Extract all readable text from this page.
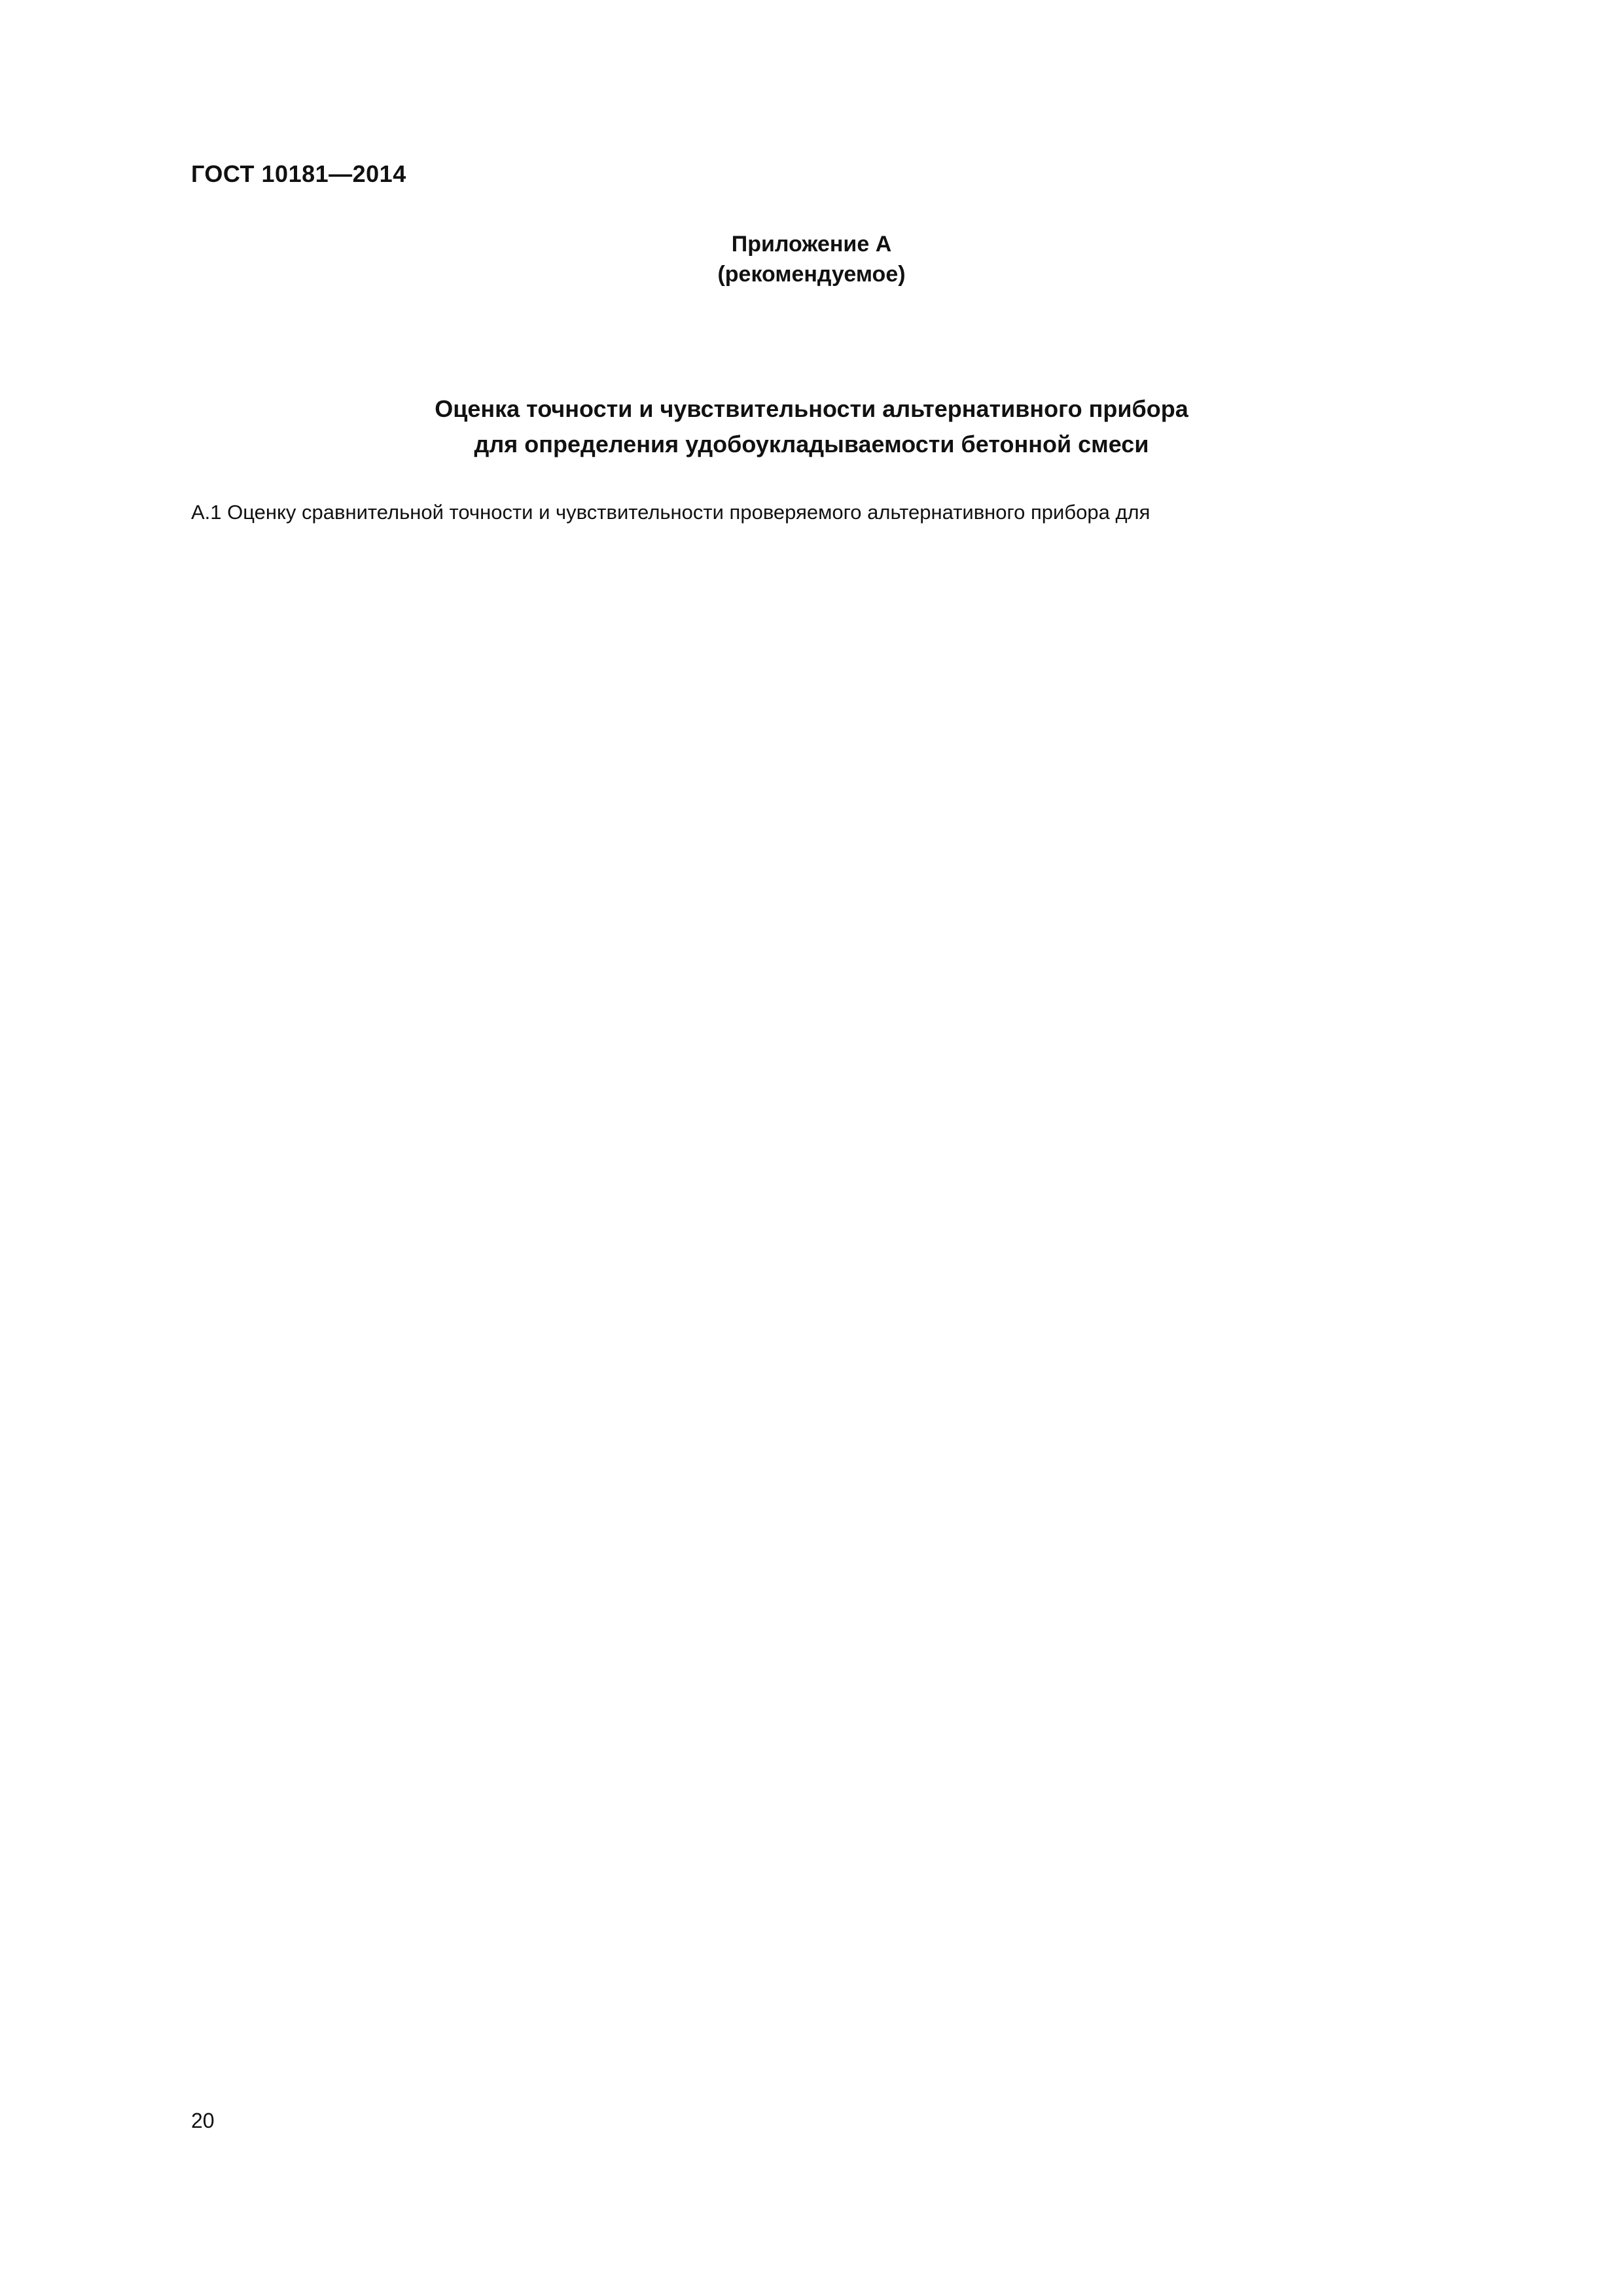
ГОСТ 10181—2014
Приложение А
(рекомендуемое)
Оценка точности и чувствительности альтернативного прибора
для определения удобоукладываемости бетонной смеси
А.1 Оценку сравнительной точности и чувствительности проверяемого альтернативного прибора для
20
